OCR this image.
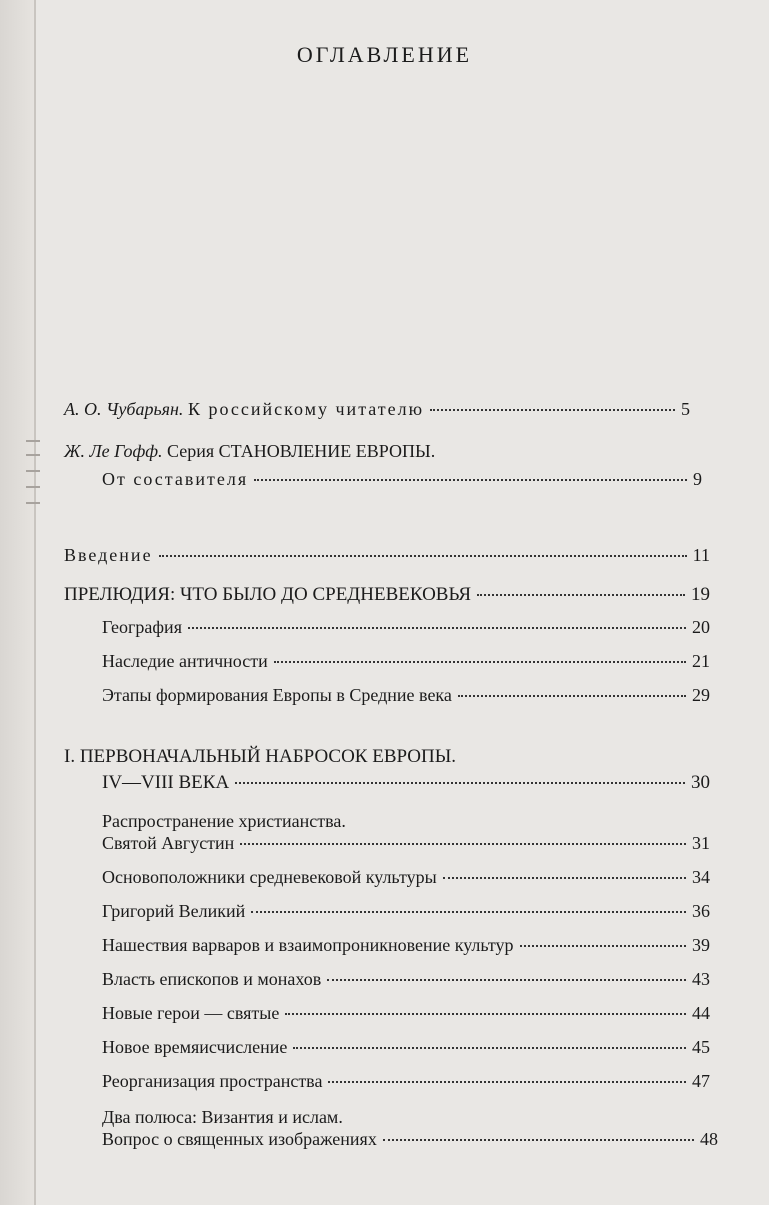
ОГЛАВЛЕНИЕ
А. О. Чубарьян. К российскому читателю	5
Ж. Ле Гофф. Серия СТАНОВЛЕНИЕ ЕВРОПЫ.
От составителя	9
Введение	11
ПРЕЛЮДИЯ: ЧТО БЫЛО ДО СРЕДНЕВЕКОВЬЯ	19
География	20
Наследие античности	21
Этапы формирования Европы в Средние века	29
I. ПЕРВОНАЧАЛЬНЫЙ НАБРОСОК ЕВРОПЫ.
IV—VIII ВЕКА	30
Распространение христианства.
Святой Августин	31
Основоположники средневековой культуры	34
Григорий Великий	36
Нашествия варваров и взаимопроникновение культур	39
Власть епископов и монахов	43
Новые герои — святые	44
Новое времяисчисление	45
Реорганизация пространства	47
Два полюса: Византия и ислам.
Вопрос о священных изображениях	48
